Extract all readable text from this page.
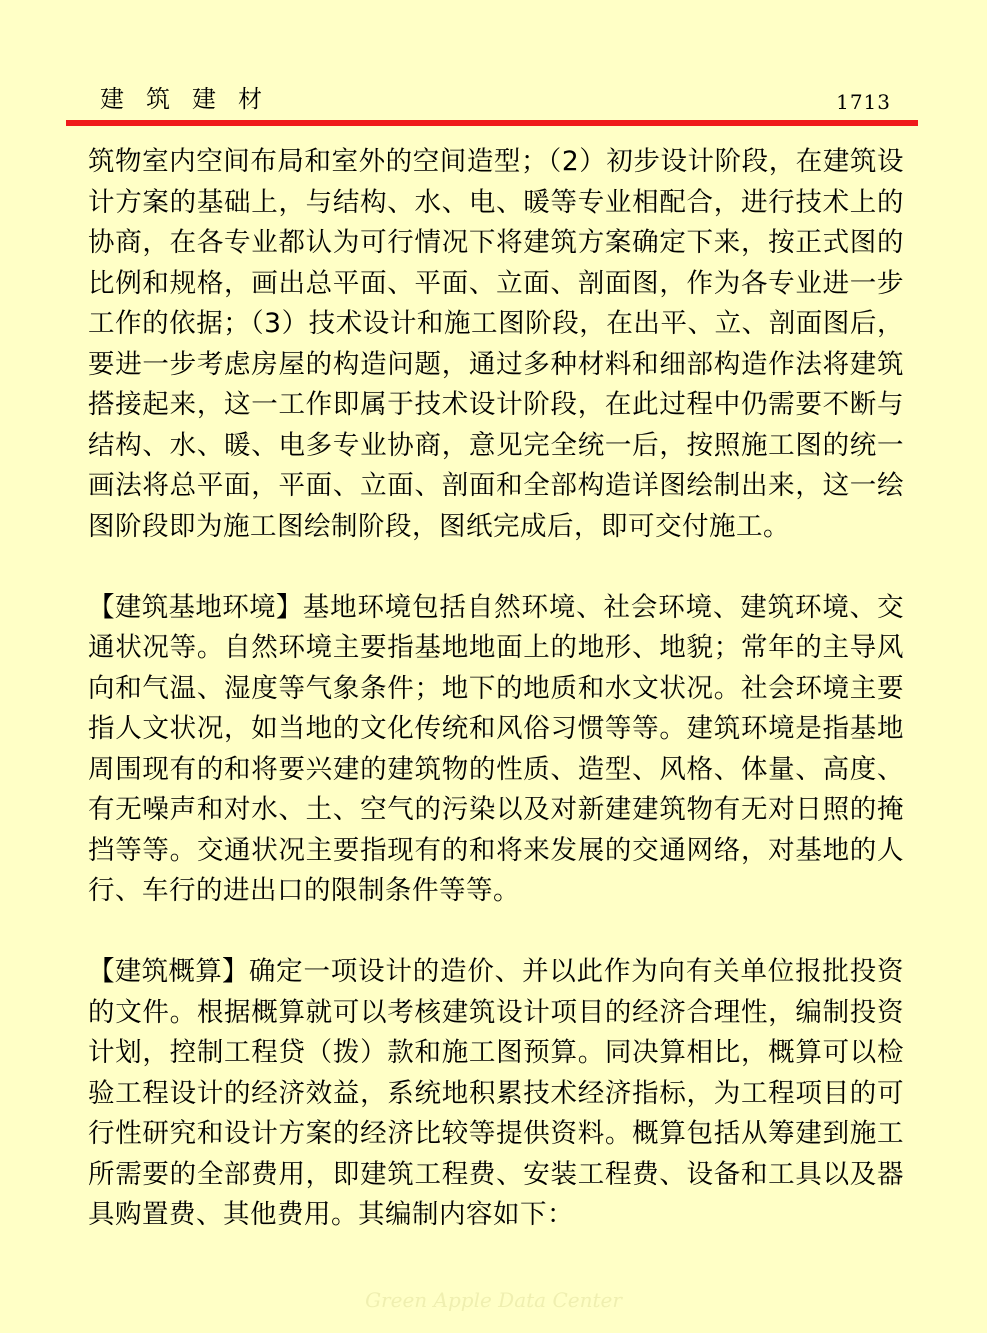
建筑建材	1713

筑物室内空间布局和室外的空间造型；（2）初步设计阶段，在建筑设计方案的基础上，与结构、水、电、暖等专业相配合，进行技术上的协商，在各专业都认为可行情况下将建筑方案确定下来，按正式图的比例和规格，画出总平面、平面、立面、剖面图，作为各专业进一步工作的依据；（3）技术设计和施工图阶段，在出平、立、剖面图后，要进一步考虑房屋的构造问题，通过多种材料和细部构造作法将建筑搭接起来，这一工作即属于技术设计阶段，在此过程中仍需要不断与结构、水、暖、电多专业协商，意见完全统一后，按照施工图的统一画法将总平面，平面、立面、剖面和全部构造详图绘制出来，这一绘图阶段即为施工图绘制阶段，图纸完成后，即可交付施工。

【建筑基地环境】基地环境包括自然环境、社会环境、建筑环境、交通状况等。自然环境主要指基地地面上的地形、地貌；常年的主导风向和气温、湿度等气象条件；地下的地质和水文状况。社会环境主要指人文状况，如当地的文化传统和风俗习惯等等。建筑环境是指基地周围现有的和将要兴建的建筑物的性质、造型、风格、体量、高度、有无噪声和对水、土、空气的污染以及对新建建筑物有无对日照的掩挡等等。交通状况主要指现有的和将来发展的交通网络，对基地的人行、车行的进出口的限制条件等等。

【建筑概算】确定一项设计的造价、并以此作为向有关单位报批投资的文件。根据概算就可以考核建筑设计项目的经济合理性，编制投资计划，控制工程贷（拨）款和施工图预算。同决算相比，概算可以检验工程设计的经济效益，系统地积累技术经济指标，为工程项目的可行性研究和设计方案的经济比较等提供资料。概算包括从筹建到施工所需要的全部费用，即建筑工程费、安装工程费、设备和工具以及器具购置费、其他费用。其编制内容如下：

Green Apple Data Center
